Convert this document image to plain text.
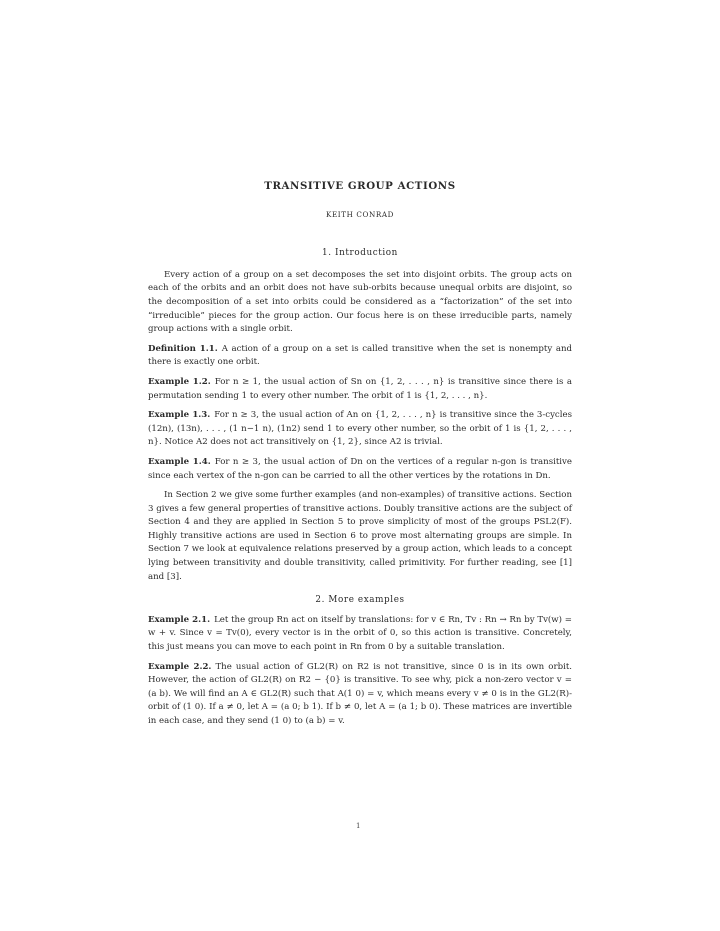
TRANSITIVE GROUP ACTIONS
KEITH CONRAD
1. Introduction

Every action of a group on a set decomposes the set into disjoint orbits. The group acts on each of the orbits and an orbit does not have sub-orbits because unequal orbits are disjoint, so the decomposition of a set into orbits could be considered as a “factorization” of the set into “irreducible” pieces for the group action. Our focus here is on these irreducible parts, namely group actions with a single orbit.

Definition 1.1. A action of a group on a set is called transitive when the set is nonempty and there is exactly one orbit.
Example 1.2. For n ≥ 1, the usual action of Sn on {1, 2, . . . , n} is transitive since there is a permutation sending 1 to every other number. The orbit of 1 is {1, 2, . . . , n}.
Example 1.3. For n ≥ 3, the usual action of An on {1, 2, . . . , n} is transitive since the 3-cycles (12n), (13n), . . . , (1 n−1 n), (1n2) send 1 to every other number, so the orbit of 1 is {1, 2, . . . , n}. Notice A2 does not act transitively on {1, 2}, since A2 is trivial.
Example 1.4. For n ≥ 3, the usual action of Dn on the vertices of a regular n-gon is transitive since each vertex of the n-gon can be carried to all the other vertices by the rotations in Dn.

In Section 2 we give some further examples (and non-examples) of transitive actions. Section 3 gives a few general properties of transitive actions. Doubly transitive actions are the subject of Section 4 and they are applied in Section 5 to prove simplicity of most of the groups PSL2(F). Highly transitive actions are used in Section 6 to prove most alternating groups are simple. In Section 7 we look at equivalence relations preserved by a group action, which leads to a concept lying between transitivity and double transitivity, called primitivity. For further reading, see [1] and [3].

2. More examples
Example 2.1. Let the group Rn act on itself by translations: for v ∈ Rn, Tv : Rn → Rn by Tv(w) = w + v. Since v = Tv(0), every vector is in the orbit of 0, so this action is transitive. Concretely, this just means you can move to each point in Rn from 0 by a suitable translation.
Example 2.2. The usual action of GL2(R) on R2 is not transitive, since 0 is in its own orbit. However, the action of GL2(R) on R2 − {0} is transitive. To see why, pick a non-zero vector v = (a b). We will find an A ∈ GL2(R) such that A(1 0) = v, which means every v ≠ 0 is in the GL2(R)-orbit of (1 0). If a ≠ 0, let A = (a 0; b 1). If b ≠ 0, let A = (a 1; b 0). These matrices are invertible in each case, and they send (1 0) to (a b) = v.
1
